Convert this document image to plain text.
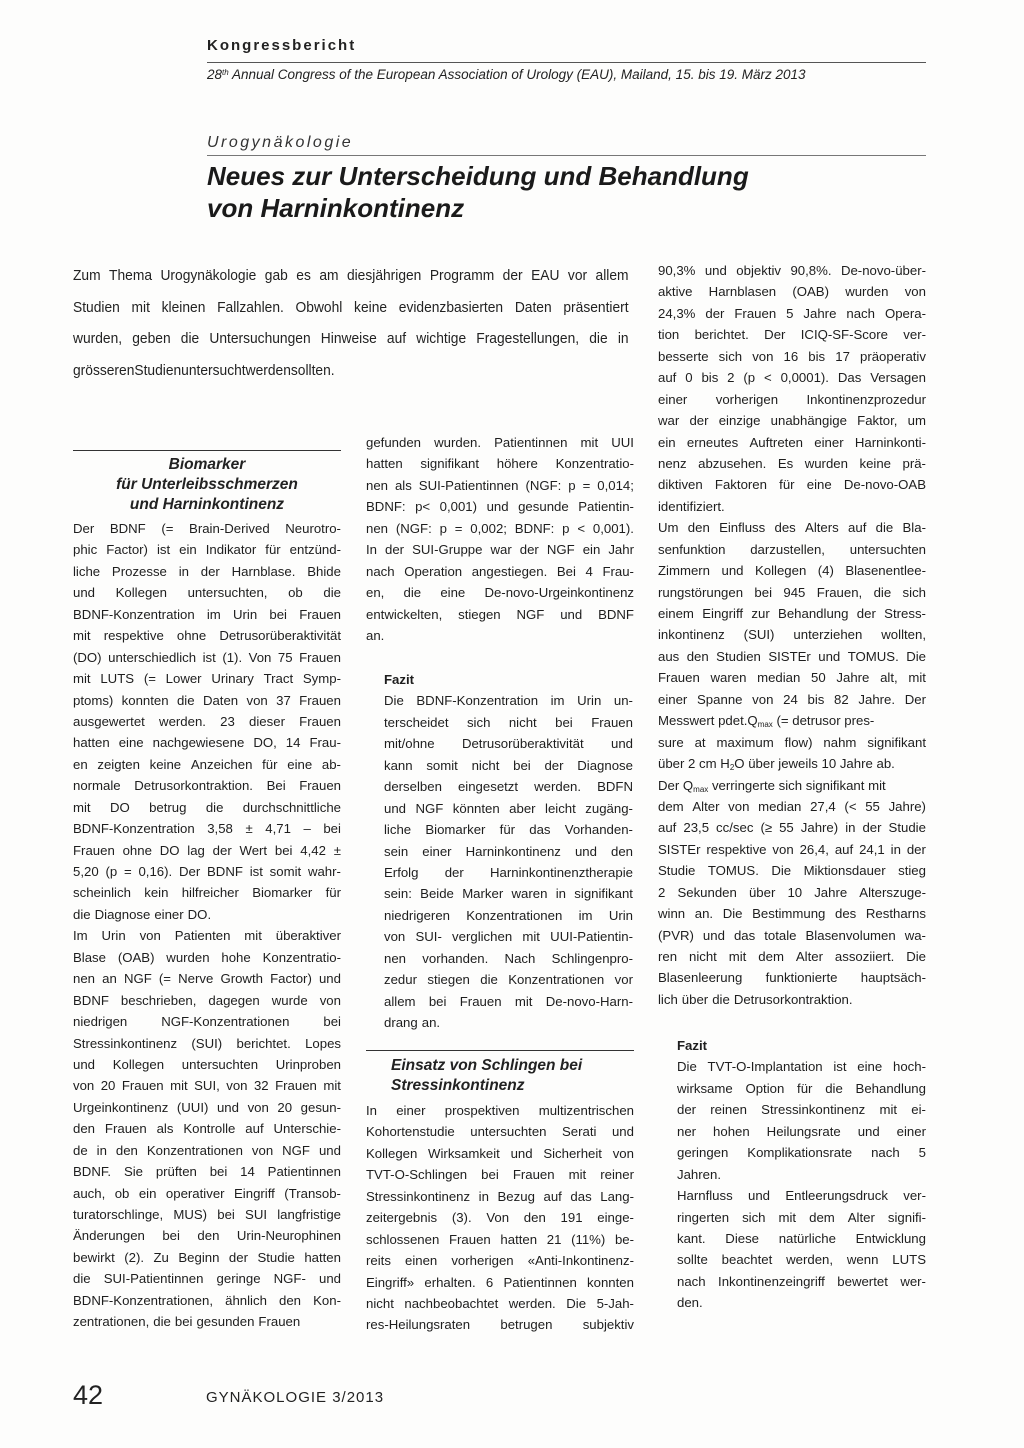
Kongressbericht
28th Annual Congress of the European Association of Urology (EAU), Mailand, 15. bis 19. März 2013
Urogynäkologie
Neues zur Unterscheidung und Behandlung
von Harninkontinenz
Zum Thema Urogynäkologie gab es am diesjährigen Programm der EAU vor allem
Studien mit kleinen Fallzahlen. Obwohl keine evidenzbasierten Daten präsentiert
wurden, geben die Untersuchungen Hinweise auf wichtige Fragestellungen, die in
grösseren Studien untersucht werden sollten.
Biomarker
für Unterleibsschmerzen
und Harninkontinenz
Der BDNF (= Brain-Derived Neurotro-
phic Factor) ist ein Indikator für entzünd-
liche Prozesse in der Harnblase. Bhide
und Kollegen untersuchten, ob die
BDNF-Konzentration im Urin bei Frauen
mit respektive ohne Detrusorüberaktivität
(DO) unterschiedlich ist (1). Von 75 Frauen
mit LUTS (= Lower Urinary Tract Symp-
ptoms) konnten die Daten von 37 Frauen
ausgewertet werden. 23 dieser Frauen
hatten eine nachgewiesene DO, 14 Frau-
en zeigten keine Anzeichen für eine ab-
normale Detrusorkontraktion. Bei Frauen
mit DO betrug die durchschnittliche
BDNF-Konzentration 3,58 ± 4,71 – bei
Frauen ohne DO lag der Wert bei 4,42 ±
5,20 (p = 0,16). Der BDNF ist somit wahr-
scheinlich kein hilfreicher Biomarker für
die Diagnose einer DO.
Im Urin von Patienten mit überaktiver
Blase (OAB) wurden hohe Konzentratio-
nen an NGF (= Nerve Growth Factor) und
BDNF beschrieben, dagegen wurde von
niedrigen	NGF-Konzentrationen	bei
Stressinkontinenz (SUI) berichtet. Lopes
und Kollegen untersuchten Urinproben
von 20 Frauen mit SUI, von 32 Frauen mit
Urgeinkontinenz (UUI) und von 20 gesun-
den Frauen als Kontrolle auf Unterschie-
de in den Konzentrationen von NGF und
BDNF. Sie prüften bei 14 Patientinnen
auch, ob ein operativer Eingriff (Transob-
turatorschlinge, MUS) bei SUI langfristige
Änderungen bei den Urin-Neurophinen
bewirkt (2). Zu Beginn der Studie hatten
die SUI-Patientinnen geringe NGF- und
BDNF-Konzentrationen, ähnlich den Kon-
zentrationen, die bei gesunden Frauen
gefunden wurden. Patientinnen mit UUI
hatten signifikant höhere Konzentratio-
nen als SUI-Patientinnen (NGF: p = 0,014;
BDNF: p< 0,001) und gesunde Patientin-
nen (NGF: p = 0,002; BDNF: p < 0,001).
In der SUI-Gruppe war der NGF ein Jahr
nach Operation angestiegen. Bei 4 Frau-
en, die eine De-novo-Urgeinkontinenz
entwickelten, stiegen NGF und BDNF
an.
Fazit
Die BDNF-Konzentration im Urin un-
terscheidet sich nicht bei Frauen
mit/ohne Detrusorüberaktivität und
kann somit nicht bei der Diagnose
derselben eingesetzt werden. BDFN
und NGF könnten aber leicht zugäng-
liche Biomarker für das Vorhanden-
sein einer Harninkontinenz und den
Erfolg der Harninkontinenztherapie
sein: Beide Marker waren in signifikant
niedrigeren Konzentrationen im Urin
von SUI- verglichen mit UUI-Patientin-
nen vorhanden. Nach Schlingenpro-
zedur stiegen die Konzentrationen vor
allem bei Frauen mit De-novo-Harn-
drang an.
Einsatz von Schlingen bei
Stressinkontinenz
In einer prospektiven multizentrischen
Kohortenstudie untersuchten Serati und
Kollegen Wirksamkeit und Sicherheit von
TVT-O-Schlingen bei Frauen mit reiner
Stressinkontinenz in Bezug auf das Lang-
zeitergebnis (3). Von den 191 einge-
schlossenen Frauen hatten 21 (11%) be-
reits einen vorherigen «Anti-Inkontinenz-
Eingriff» erhalten. 6 Patientinnen konnten
nicht nachbeobachtet werden. Die 5-Jah-
res-Heilungsraten betrugen subjektiv
90,3% und objektiv 90,8%. De-novo-über-
aktive Harnblasen (OAB) wurden von
24,3% der Frauen 5 Jahre nach Opera-
tion berichtet. Der ICIQ-SF-Score ver-
besserte sich von 16 bis 17 präoperativ
auf 0 bis 2 (p < 0,0001). Das Versagen
einer vorherigen Inkontinenzprozedur
war der einzige unabhängige Faktor, um
ein erneutes Auftreten einer Harninkonti-
nenz abzusehen. Es wurden keine prä-
diktiven Faktoren für eine De-novo-OAB
identifiziert.
Um den Einfluss des Alters auf die Bla-
senfunktion darzustellen, untersuchten
Zimmern und Kollegen (4) Blasenentlee-
rungstörungen bei 945 Frauen, die sich
einem Eingriff zur Behandlung der Stress-
inkontinenz (SUI) unterziehen wollten,
aus den Studien SISTEr und TOMUS. Die
Frauen waren median 50 Jahre alt, mit
einer Spanne von 24 bis 82 Jahre. Der
Messwert $pdet.Q_{max}$ (= detrusor pres-
sure at maximum flow) nahm signifikant
über 2 cm $H_2O$ über jeweils 10 Jahre ab.
Der $Q_{max}$ verringerte sich signifikant mit
dem Alter von median 27,4 (< 55 Jahre)
auf 23,5 cc/sec (≥ 55 Jahre) in der Studie
SISTEr respektive von 26,4, auf 24,1 in der
Studie TOMUS. Die Miktionsdauer stieg
2 Sekunden über 10 Jahre Alterszuge-
winn an. Die Bestimmung des Restharns
(PVR) und das totale Blasenvolumen wa-
ren nicht mit dem Alter assoziiert. Die
Blasenleerung funktionierte hauptsäch-
lich über die Detrusorkontraktion.
Fazit
Die TVT-O-Implantation ist eine hoch-
wirksame Option für die Behandlung
der reinen Stressinkontinenz mit ei-
ner hohen Heilungsrate und einer
geringen Komplikationsrate nach 5
Jahren.
Harnfluss und Entleerungsdruck ver-
ringerten sich mit dem Alter signifi-
kant. Diese natürliche Entwicklung
sollte beachtet werden, wenn LUTS
nach Inkontinenzeingriff bewertet wer-
den.
42	GYNÄKOLOGIE 3/2013
